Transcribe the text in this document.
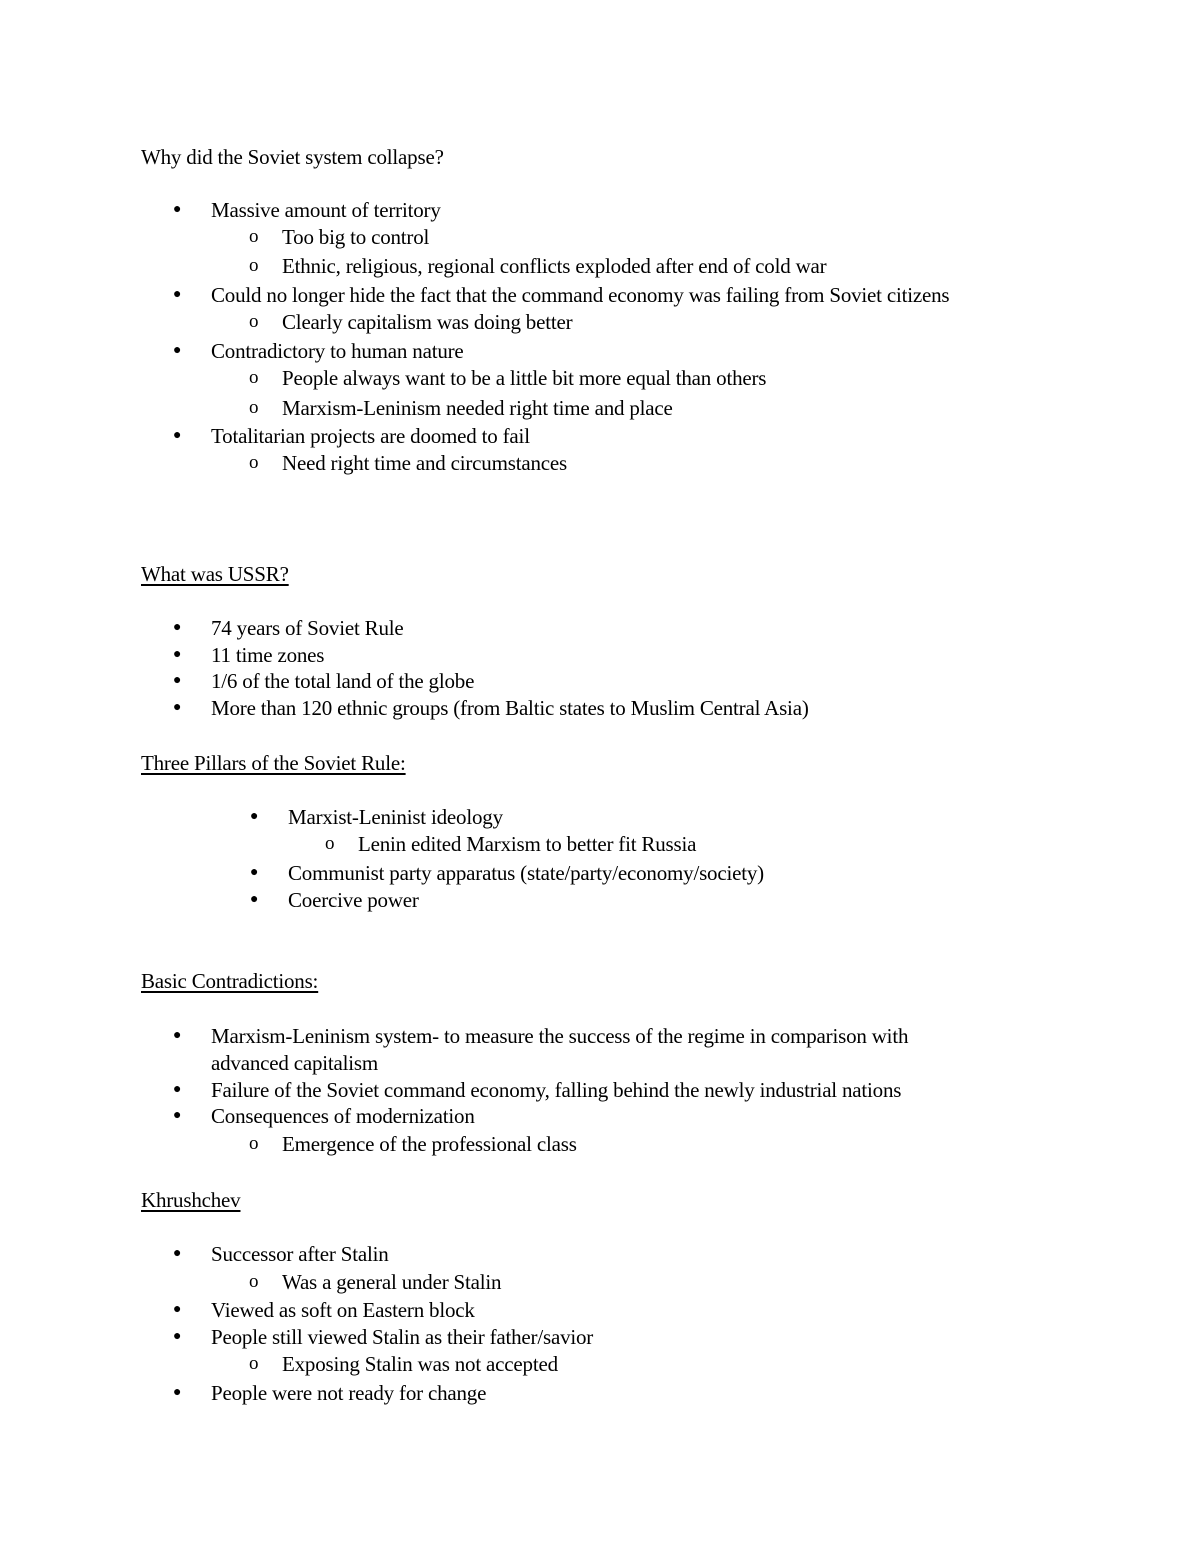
Why did the Soviet system collapse?
● Massive amount of territory
o Too big to control
o Ethnic, religious, regional conflicts exploded after end of cold war
● Could no longer hide the fact that the command economy was failing from Soviet citizens
o Clearly capitalism was doing better
● Contradictory to human nature
o People always want to be a little bit more equal than others
o Marxism-Leninism needed right time and place
● Totalitarian projects are doomed to fail
o Need right time and circumstances
What was USSR?
● 74 years of Soviet Rule
● 11 time zones
● 1/6 of the total land of the globe
● More than 120 ethnic groups (from Baltic states to Muslim Central Asia)
Three Pillars of the Soviet Rule:
● Marxist-Leninist ideology
o Lenin edited Marxism to better fit Russia
● Communist party apparatus (state/party/economy/society)
● Coercive power
Basic Contradictions:
● Marxism-Leninism system- to measure the success of the regime in comparison with
advanced capitalism
● Failure of the Soviet command economy, falling behind the newly industrial nations
● Consequences of modernization
o Emergence of the professional class
Khrushchev
● Successor after Stalin
o Was a general under Stalin
● Viewed as soft on Eastern block
● People still viewed Stalin as their father/savior
o Exposing Stalin was not accepted
● People were not ready for change
